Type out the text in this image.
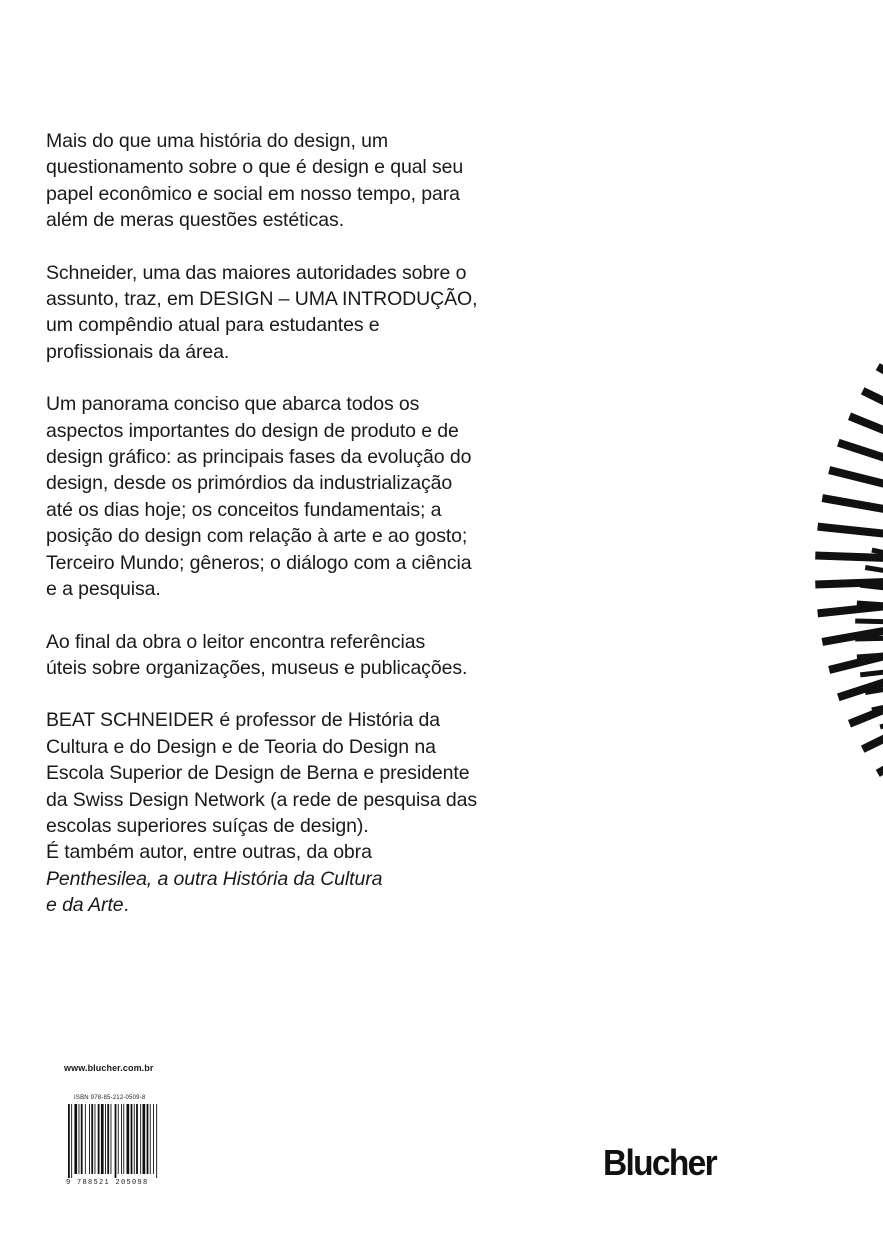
Mais do que uma história do design, um
questionamento sobre o que é design e qual seu
papel econômico e social em nosso tempo, para
além de meras questões estéticas.

Schneider, uma das maiores autoridades sobre o
assunto, traz, em DESIGN – UMA INTRODUÇÃO,
um compêndio atual para estudantes e
profissionais da área.

Um panorama conciso que abarca todos os
aspectos importantes do design de produto e de
design gráfico: as principais fases da evolução do
design, desde os primórdios da industrialização
até os dias hoje; os conceitos fundamentais; a
posição do design com relação à arte e ao gosto;
Terceiro Mundo; gêneros; o diálogo com a ciência
e a pesquisa.

Ao final da obra o leitor encontra referências
úteis sobre organizações, museus e publicações.

BEAT SCHNEIDER é professor de História da
Cultura e do Design e de Teoria do Design na
Escola Superior de Design de Berna e presidente
da Swiss Design Network (a rede de pesquisa das
escolas superiores suíças de design).
É também autor, entre outras, da obra
Penthesilea, a outra História da Cultura
e da Arte.

www.blucher.com.br
ISBN 978-85-212-0509-8
9 788521 205098	Blucher
